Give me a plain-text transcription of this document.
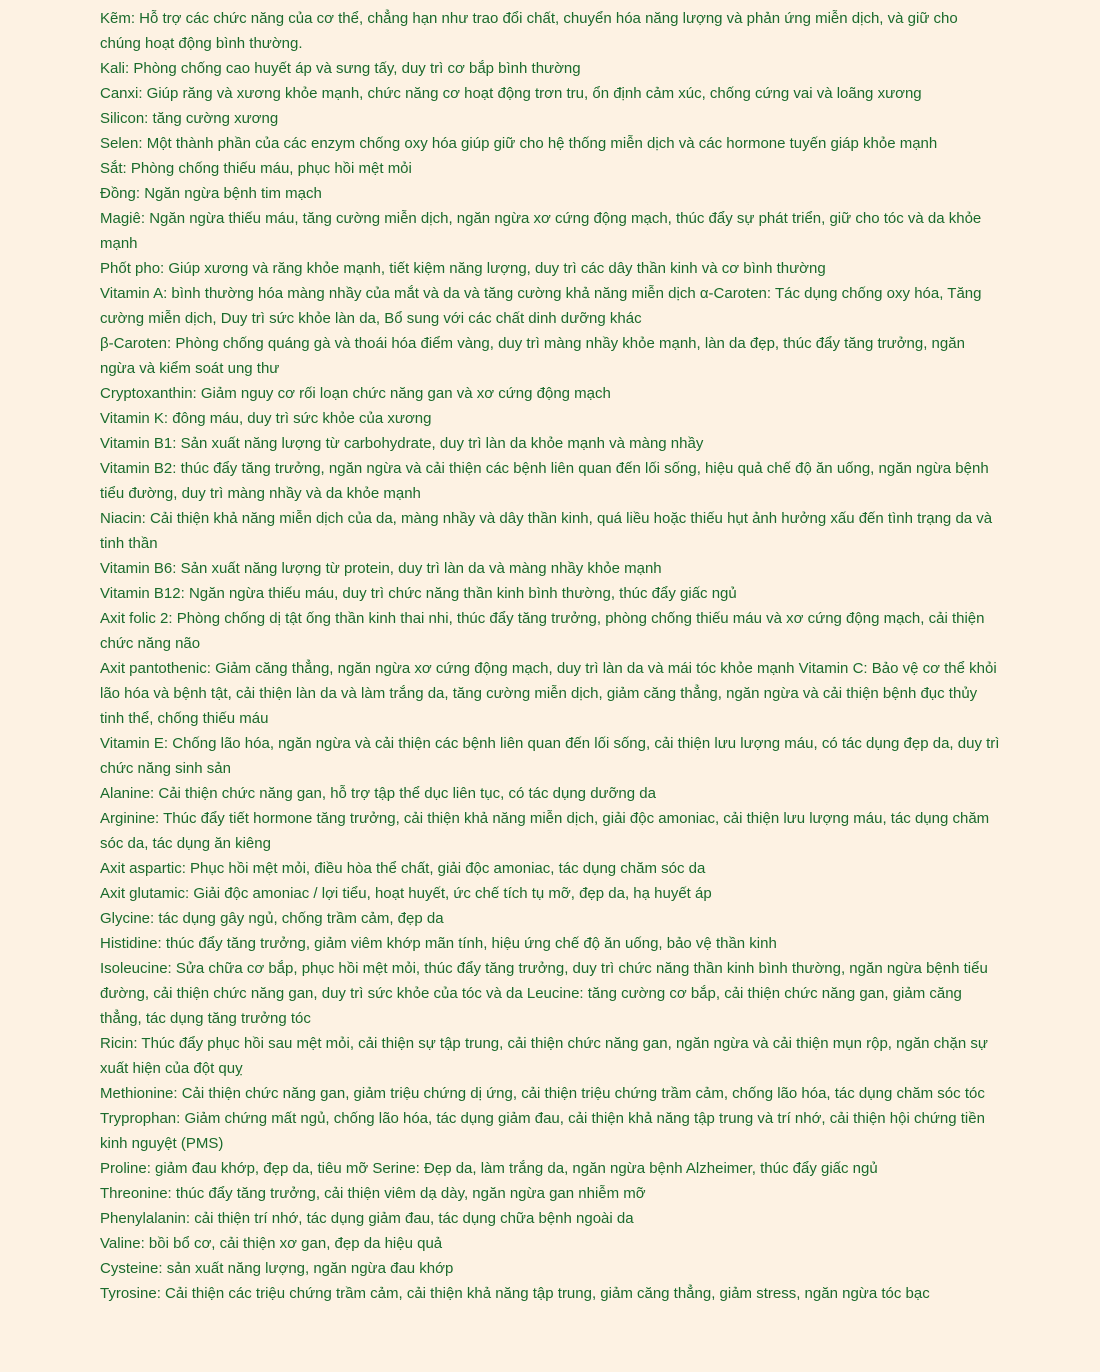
Kẽm: Hỗ trợ các chức năng của cơ thể, chẳng hạn như trao đổi chất, chuyển hóa năng lượng và phản ứng miễn dịch, và giữ cho chúng hoạt động bình thường.

Kali: Phòng chống cao huyết áp và sưng tấy, duy trì cơ bắp bình thường

Canxi: Giúp răng và xương khỏe mạnh, chức năng cơ hoạt động trơn tru, ổn định cảm xúc, chống cứng vai và loãng xương

Silicon: tăng cường xương

Selen: Một thành phần của các enzym chống oxy hóa giúp giữ cho hệ thống miễn dịch và các hormone tuyến giáp khỏe mạnh

Sắt: Phòng chống thiếu máu, phục hồi mệt mỏi

Đồng: Ngăn ngừa bệnh tim mạch

Magiê: Ngăn ngừa thiếu máu, tăng cường miễn dịch, ngăn ngừa xơ cứng động mạch, thúc đẩy sự phát triển, giữ cho tóc và da khỏe mạnh

Phốt pho: Giúp xương và răng khỏe mạnh, tiết kiệm năng lượng, duy trì các dây thần kinh và cơ bình thường

Vitamin A: bình thường hóa màng nhầy của mắt và da và tăng cường khả năng miễn dịch α-Caroten: Tác dụng chống oxy hóa, Tăng cường miễn dịch, Duy trì sức khỏe làn da, Bổ sung với các chất dinh dưỡng khác

β-Caroten: Phòng chống quáng gà và thoái hóa điểm vàng, duy trì màng nhầy khỏe mạnh, làn da đẹp, thúc đẩy tăng trưởng, ngăn ngừa và kiểm soát ung thư

Cryptoxanthin: Giảm nguy cơ rối loạn chức năng gan và xơ cứng động mạch

Vitamin K: đông máu, duy trì sức khỏe của xương

Vitamin B1: Sản xuất năng lượng từ carbohydrate, duy trì làn da khỏe mạnh và màng nhầy

Vitamin B2: thúc đẩy tăng trưởng, ngăn ngừa và cải thiện các bệnh liên quan đến lối sống, hiệu quả chế độ ăn uống, ngăn ngừa bệnh tiểu đường, duy trì màng nhầy và da khỏe mạnh

Niacin: Cải thiện khả năng miễn dịch của da, màng nhầy và dây thần kinh, quá liều hoặc thiếu hụt ảnh hưởng xấu đến tình trạng da và tinh thần

Vitamin B6: Sản xuất năng lượng từ protein, duy trì làn da và màng nhầy khỏe mạnh

Vitamin B12: Ngăn ngừa thiếu máu, duy trì chức năng thần kinh bình thường, thúc đẩy giấc ngủ

Axit folic 2: Phòng chống dị tật ống thần kinh thai nhi, thúc đẩy tăng trưởng, phòng chống thiếu máu và xơ cứng động mạch, cải thiện chức năng não

Axit pantothenic: Giảm căng thẳng, ngăn ngừa xơ cứng động mạch, duy trì làn da và mái tóc khỏe mạnh Vitamin C: Bảo vệ cơ thể khỏi lão hóa và bệnh tật, cải thiện làn da và làm trắng da, tăng cường miễn dịch, giảm căng thẳng, ngăn ngừa và cải thiện bệnh đục thủy tinh thể, chống thiếu máu

Vitamin E: Chống lão hóa, ngăn ngừa và cải thiện các bệnh liên quan đến lối sống, cải thiện lưu lượng máu, có tác dụng đẹp da, duy trì chức năng sinh sản

Alanine: Cải thiện chức năng gan, hỗ trợ tập thể dục liên tục, có tác dụng dưỡng da

Arginine: Thúc đẩy tiết hormone tăng trưởng, cải thiện khả năng miễn dịch, giải độc amoniac, cải thiện lưu lượng máu, tác dụng chăm sóc da, tác dụng ăn kiêng

Axit aspartic: Phục hồi mệt mỏi, điều hòa thể chất, giải độc amoniac, tác dụng chăm sóc da

Axit glutamic: Giải độc amoniac / lợi tiểu, hoạt huyết, ức chế tích tụ mỡ, đẹp da, hạ huyết áp

Glycine: tác dụng gây ngủ, chống trầm cảm, đẹp da

Histidine: thúc đẩy tăng trưởng, giảm viêm khớp mãn tính, hiệu ứng chế độ ăn uống, bảo vệ thần kinh

Isoleucine: Sửa chữa cơ bắp, phục hồi mệt mỏi, thúc đẩy tăng trưởng, duy trì chức năng thần kinh bình thường, ngăn ngừa bệnh tiểu đường, cải thiện chức năng gan, duy trì sức khỏe của tóc và da Leucine: tăng cường cơ bắp, cải thiện chức năng gan, giảm căng thẳng, tác dụng tăng trưởng tóc

Ricin: Thúc đẩy phục hồi sau mệt mỏi, cải thiện sự tập trung, cải thiện chức năng gan, ngăn ngừa và cải thiện mụn rộp, ngăn chặn sự xuất hiện của đột quỵ

Methionine: Cải thiện chức năng gan, giảm triệu chứng dị ứng, cải thiện triệu chứng trầm cảm, chống lão hóa, tác dụng chăm sóc tóc

Tryprophan: Giảm chứng mất ngủ, chống lão hóa, tác dụng giảm đau, cải thiện khả năng tập trung và trí nhớ, cải thiện hội chứng tiền kinh nguyệt (PMS)

Proline: giảm đau khớp, đẹp da, tiêu mỡ Serine: Đẹp da, làm trắng da, ngăn ngừa bệnh Alzheimer, thúc đẩy giấc ngủ

Threonine: thúc đẩy tăng trưởng, cải thiện viêm dạ dày, ngăn ngừa gan nhiễm mỡ

Phenylalanin: cải thiện trí nhớ, tác dụng giảm đau, tác dụng chữa bệnh ngoài da

Valine: bồi bổ cơ, cải thiện xơ gan, đẹp da hiệu quả

Cysteine: sản xuất năng lượng, ngăn ngừa đau khớp

Tyrosine: Cải thiện các triệu chứng trầm cảm, cải thiện khả năng tập trung, giảm căng thẳng, giảm stress, ngăn ngừa tóc bạc
